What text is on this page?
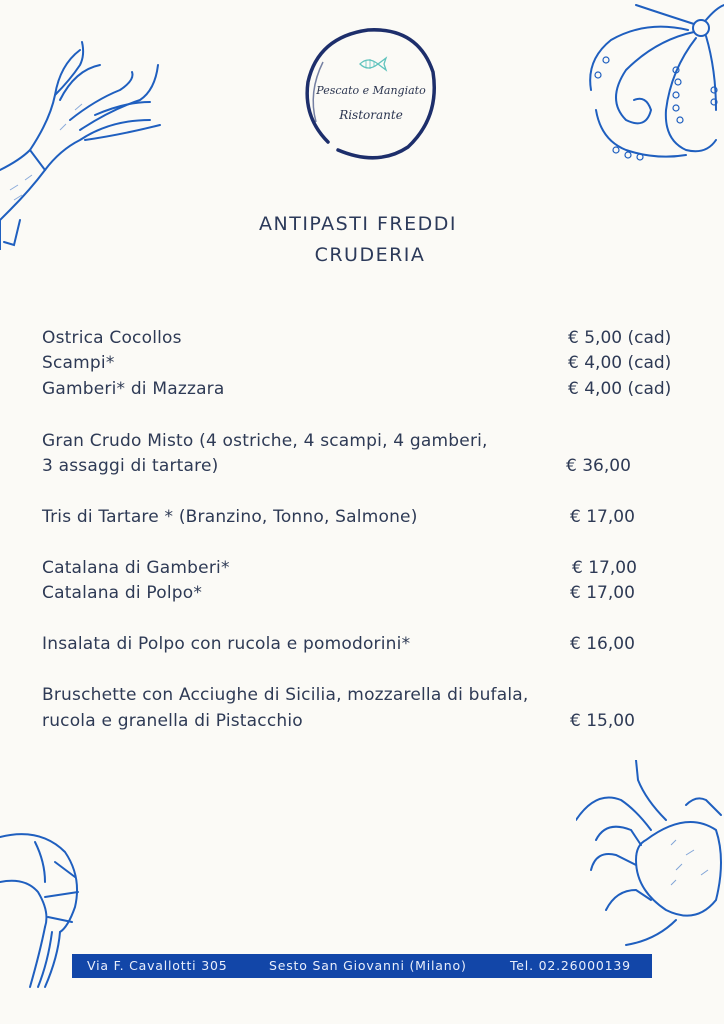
Pescato e Mangiato
Ristorante
ANTIPASTI FREDDI
CRUDERIA
Ostrica Cocollos	€ 5,00 (cad)
Scampi*	€ 4,00 (cad)
Gamberi* di Mazzara	€ 4,00 (cad)
Gran Crudo Misto (4 ostriche, 4 scampi, 4 gamberi,
3 assaggi di tartare)	€ 36,00
Tris di Tartare * (Branzino, Tonno, Salmone)	€ 17,00
Catalana di Gamberi*	€ 17,00
Catalana di Polpo*	€ 17,00
Insalata di Polpo con rucola e pomodorini*	€ 16,00
Bruschette con Acciughe di Sicilia, mozzarella di bufala,
rucola e granella di Pistacchio	€ 15,00
Via F. Cavallotti 305	Sesto San Giovanni (Milano)	Tel. 02.26000139
